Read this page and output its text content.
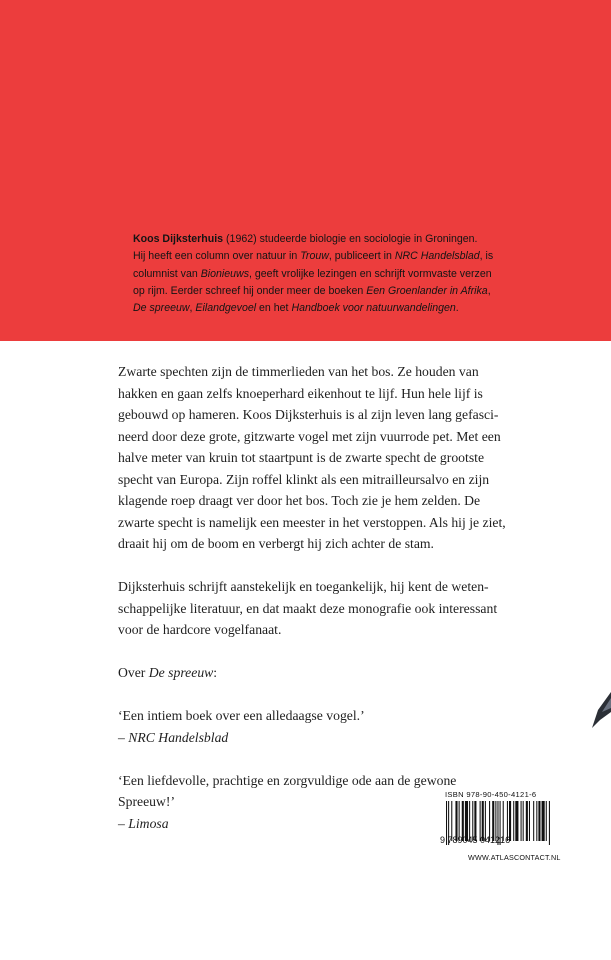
Koos Dijksterhuis (1962) studeerde biologie en sociologie in Groningen.
Hij heeft een column over natuur in Trouw, publiceert in NRC Handelsblad, is
columnist van Bionieuws, geeft vrolijke lezingen en schrijft vormvaste verzen
op rijm. Eerder schreef hij onder meer de boeken Een Groenlander in Afrika,
De spreeuw, Eilandgevoel en het Handboek voor natuurwandelingen.
Zwarte spechten zijn de timmerlieden van het bos. Ze houden van
hakken en gaan zelfs knoeperhard eikenhout te lijf. Hun hele lijf is
gebouwd op hameren. Koos Dijksterhuis is al zijn leven lang gefasci-
neerd door deze grote, gitzwarte vogel met zijn vuurrode pet. Met een
halve meter van kruin tot staartpunt is de zwarte specht de grootste
specht van Europa. Zijn roffel klinkt als een mitrailleursalvo en zijn
klagende roep draagt ver door het bos. Toch zie je hem zelden. De
zwarte specht is namelijk een meester in het verstoppen. Als hij je ziet,
draait hij om de boom en verbergt hij zich achter de stam.
Dijksterhuis schrijft aanstekelijk en toegankelijk, hij kent de weten-
schappelijke literatuur, en dat maakt deze monografie ook interessant
voor de hardcore vogelfanaat.
Over De spreeuw:
‘Een intiem boek over een alledaagse vogel.’
– NRC Handelsblad
‘Een liefdevolle, prachtige en zorgvuldige ode aan de gewone
Spreeuw!’
– Limosa
ISBN 978-90-450-4121-6
9 789045 041216
WWW.ATLASCONTACT.NL
